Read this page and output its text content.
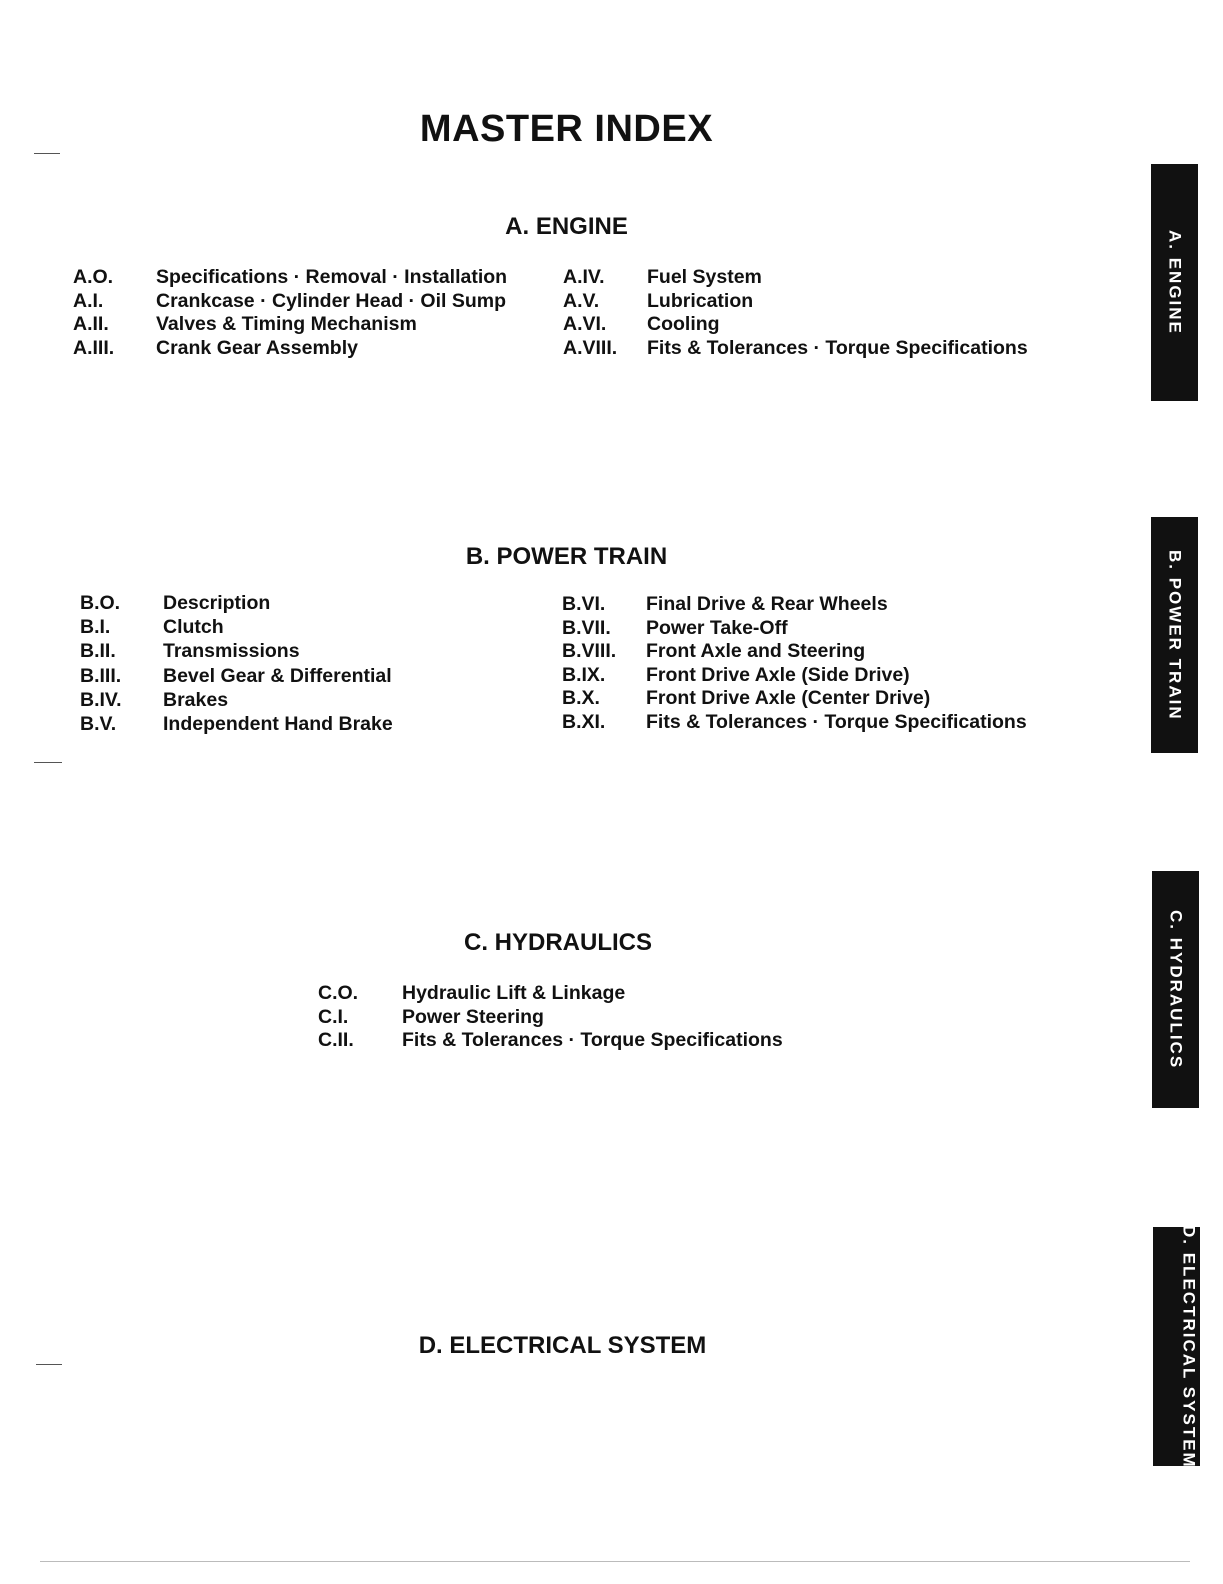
MASTER INDEX
A. ENGINE
A.O.	Specifications · Removal · Installation
A.I.	Crankcase · Cylinder Head · Oil Sump
A.II.	Valves & Timing Mechanism
A.III.	Crank Gear Assembly
A.IV.	Fuel System
A.V.	Lubrication
A.VI.	Cooling
A.VIII.	Fits & Tolerances · Torque Specifications
B. POWER TRAIN
B.O.	Description
B.I.	Clutch
B.II.	Transmissions
B.III.	Bevel Gear & Differential
B.IV.	Brakes
B.V.	Independent Hand Brake
B.VI.	Final Drive & Rear Wheels
B.VII.	Power Take-Off
B.VIII.	Front Axle and Steering
B.IX.	Front Drive Axle (Side Drive)
B.X.	Front Drive Axle (Center Drive)
B.XI.	Fits & Tolerances · Torque Specifications
C. HYDRAULICS
C.O.	Hydraulic Lift & Linkage
C.I.	Power Steering
C.II.	Fits & Tolerances · Torque Specifications
D. ELECTRICAL SYSTEM
A. ENGINE
B. POWER TRAIN
C. HYDRAULICS
D. ELECTRICAL SYSTEM
